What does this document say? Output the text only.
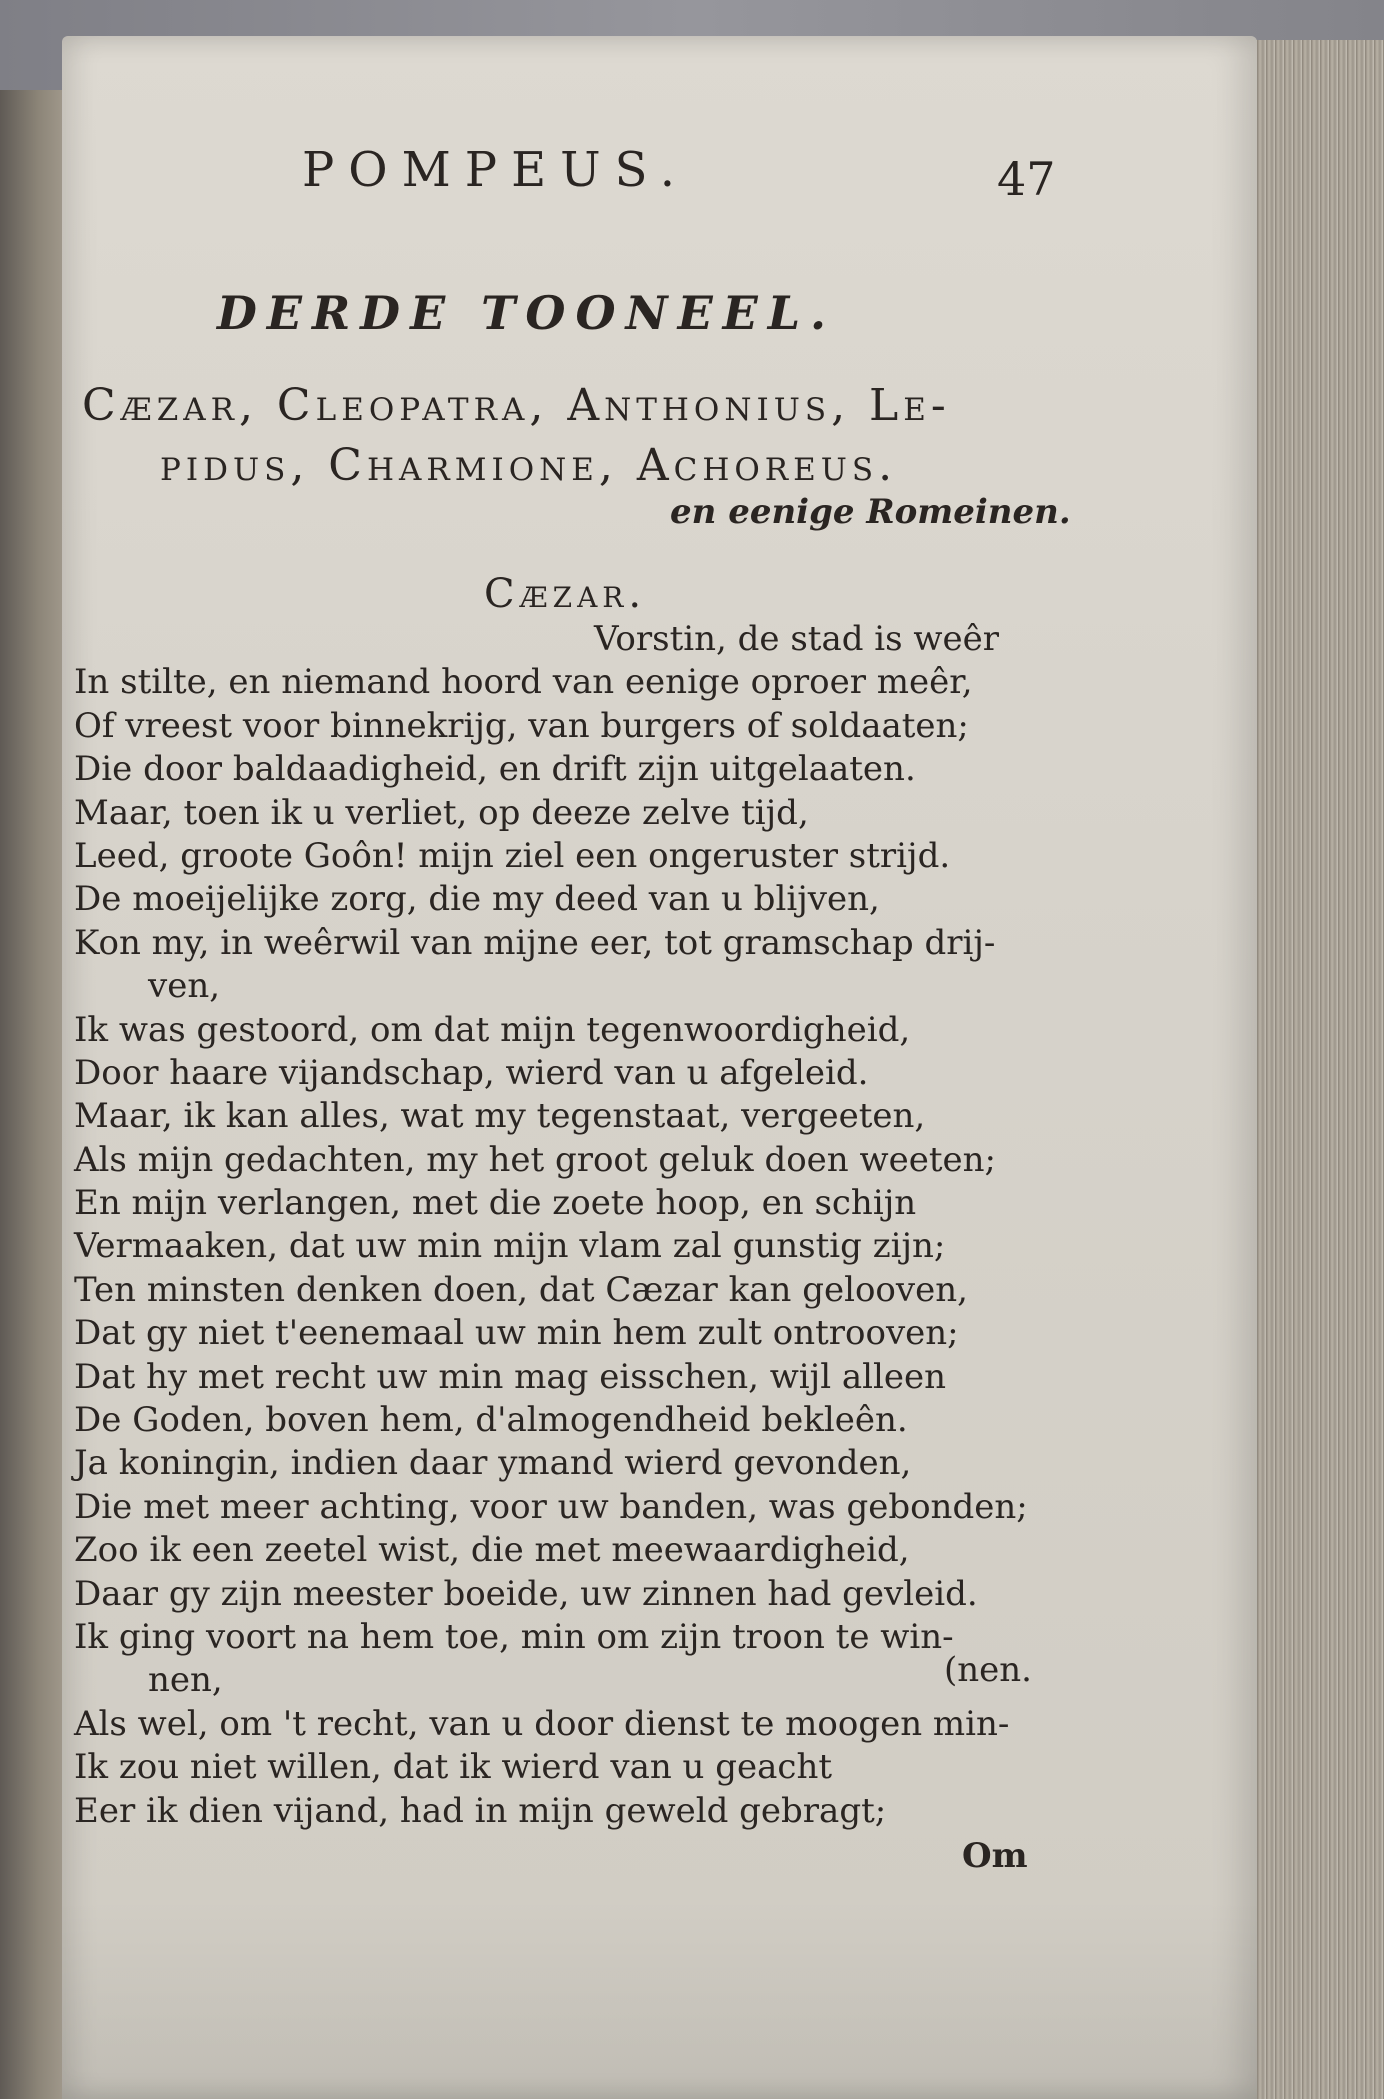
POMPEUS.	47
DERDE TOONEEL.
Cæzar, Cleopatra, Anthonius, Le-
pidus, Charmione, Achoreus.
en eenige Romeinen.
Cæzar.
Vorstin, de stad is weêr
In stilte, en niemand hoord van eenige oproer meêr,
Of vreest voor binnekrijg, van burgers of soldaaten;
Die door baldaadigheid, en drift zijn uitgelaaten.
Maar, toen ik u verliet, op deeze zelve tijd,
Leed, groote Goôn! mijn ziel een ongeruster strijd.
De moeijelijke zorg, die my deed van u blijven,
Kon my, in weêrwil van mijne eer, tot gramschap drij-
ven,
Ik was gestoord, om dat mijn tegenwoordigheid,
Door haare vijandschap, wierd van u afgeleid.
Maar, ik kan alles, wat my tegenstaat, vergeeten,
Als mijn gedachten, my het groot geluk doen weeten;
En mijn verlangen, met die zoete hoop, en schijn
Vermaaken, dat uw min mijn vlam zal gunstig zijn;
Ten minsten denken doen, dat Cæzar kan gelooven,
Dat gy niet t'eenemaal uw min hem zult ontrooven;
Dat hy met recht uw min mag eisschen, wijl alleen
De Goden, boven hem, d'almogendheid bekleên.
Ja koningin, indien daar ymand wierd gevonden,
Die met meer achting, voor uw banden, was gebonden;
Zoo ik een zeetel wist, die met meewaardigheid,
Daar gy zijn meester boeide, uw zinnen had gevleid.
Ik ging voort na hem toe, min om zijn troon te win-
nen,	(nen.
Als wel, om 't recht, van u door dienst te moogen min-
Ik zou niet willen, dat ik wierd van u geacht
Eer ik dien vijand, had in mijn geweld gebragt;
Om
